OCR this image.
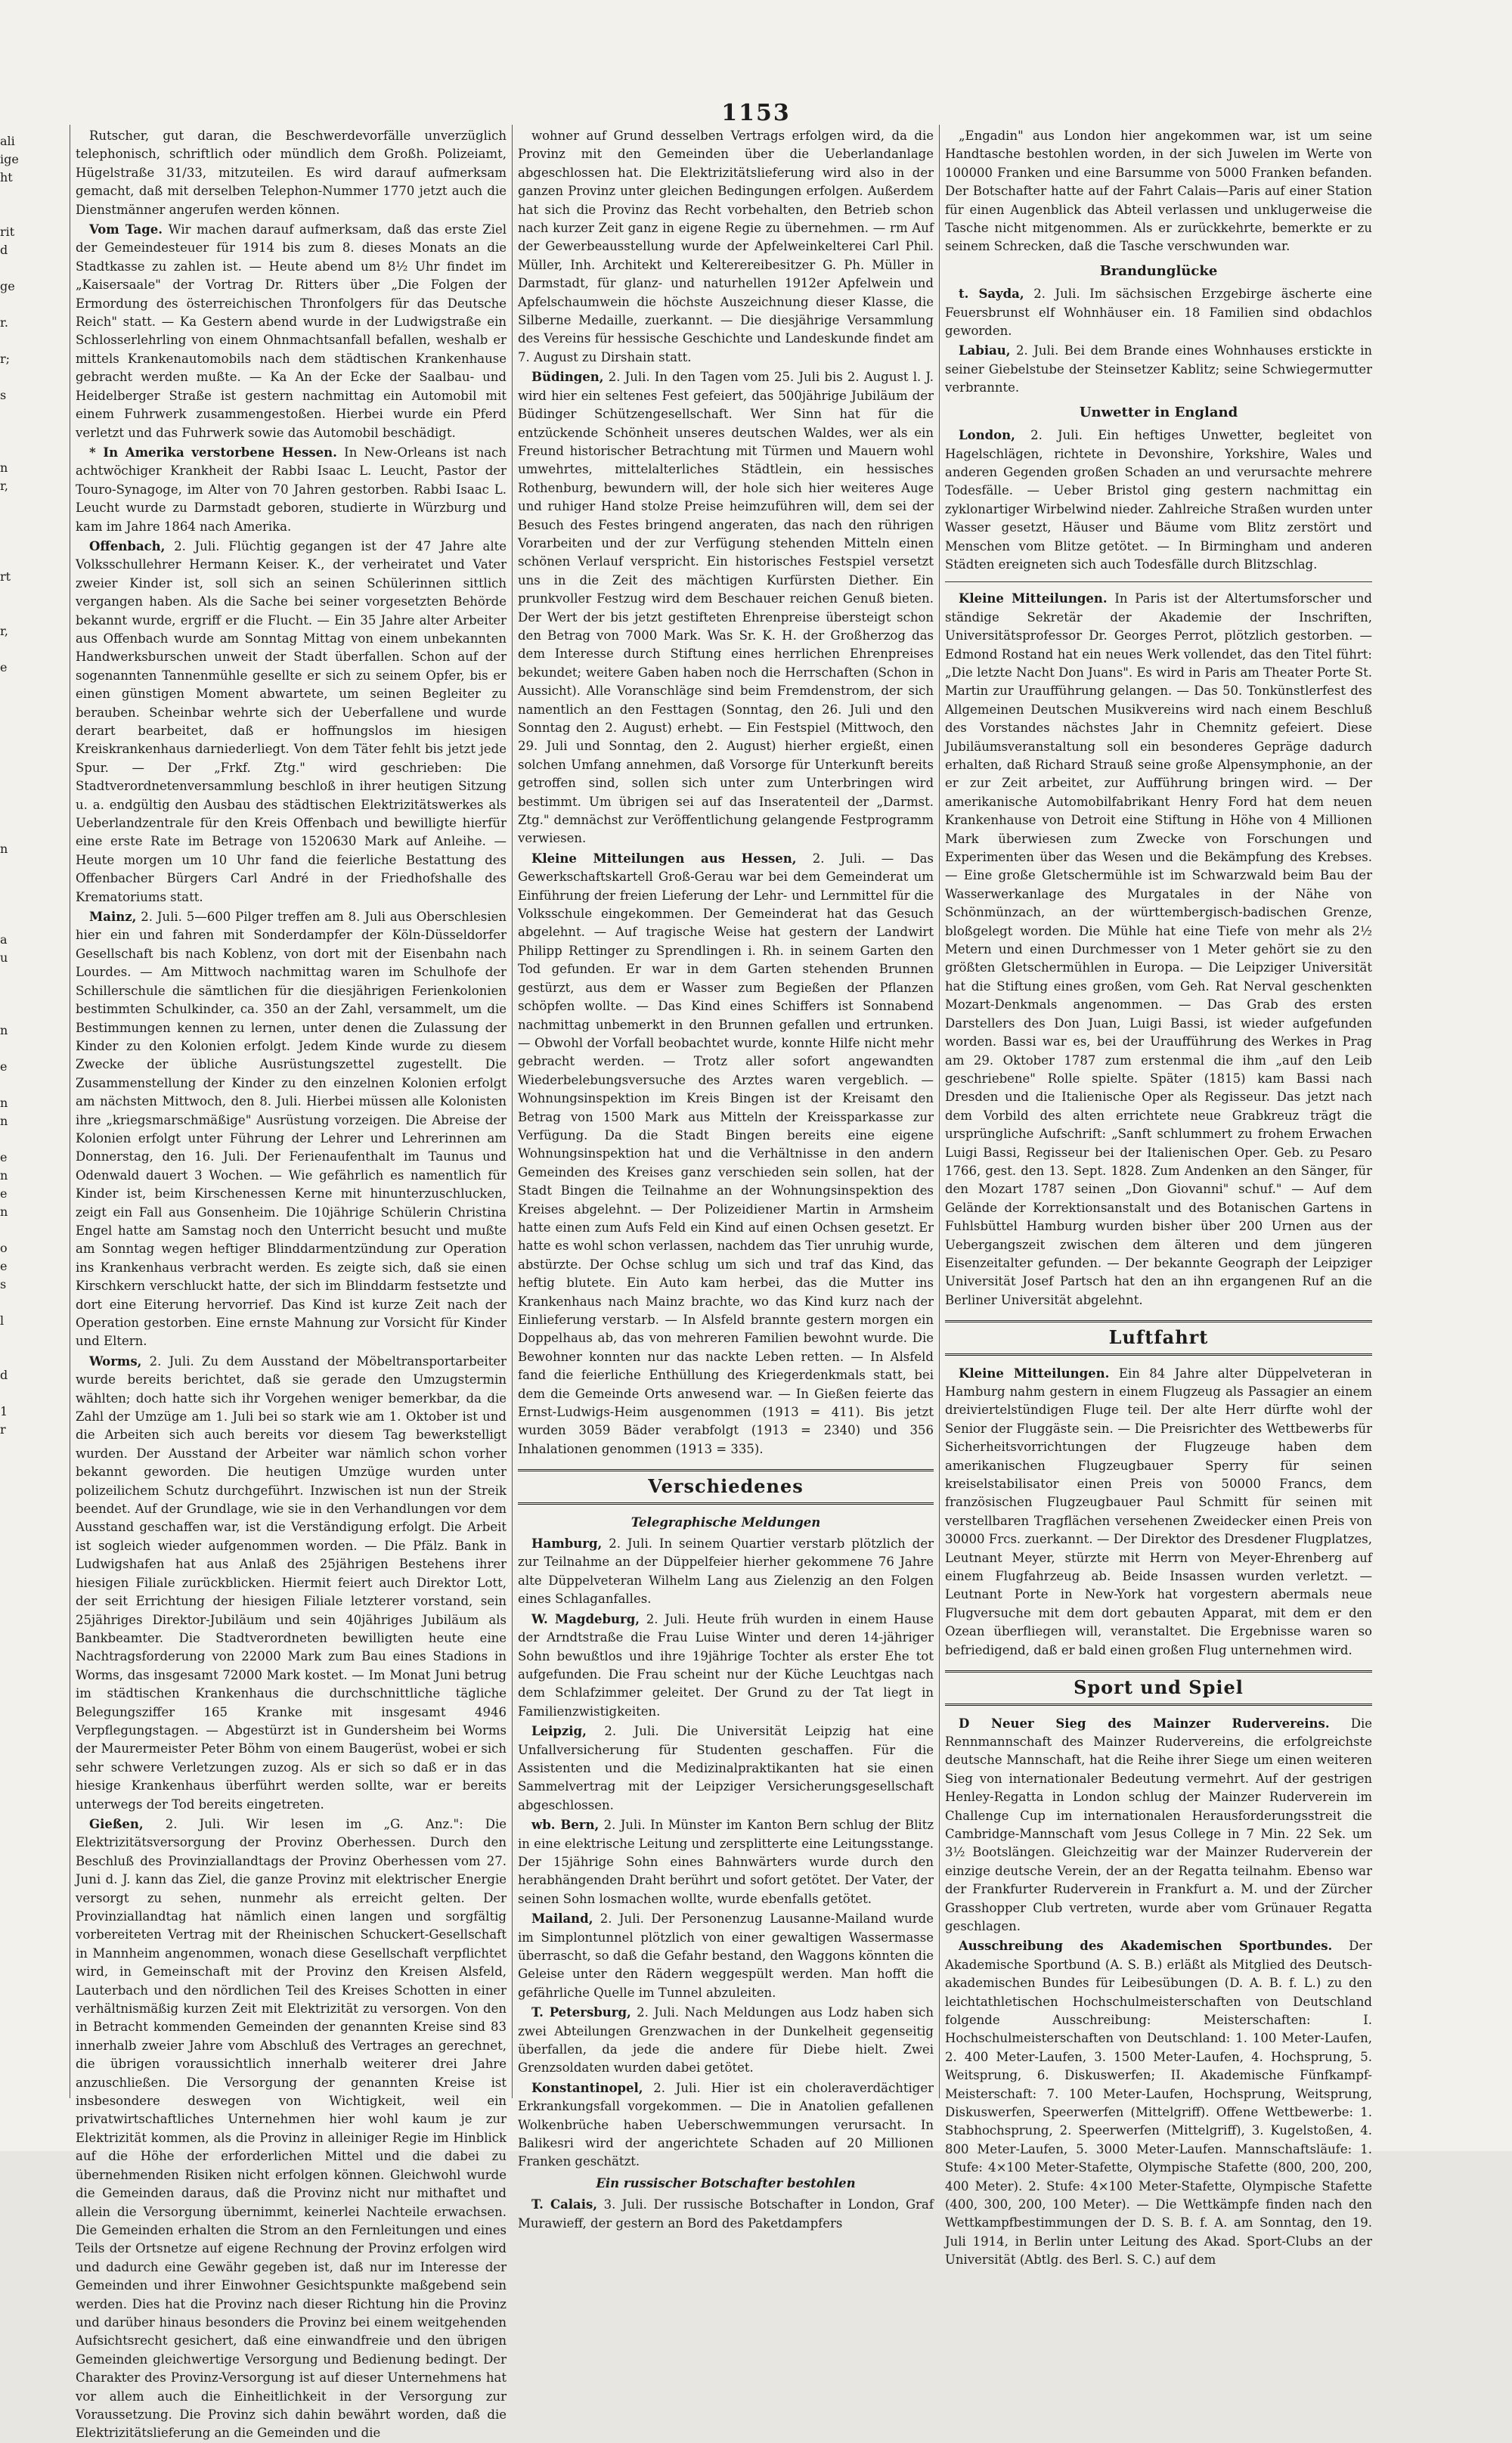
1153
ali
ige
ht

rit
d

ge

r.

r;

s

n
r,

rt

r,

e

n

a
u

n

e

n
n

e
n
e
n

o
e
s

l

d

1
r

Rutscher, gut daran, die Beschwerdevorfälle unverzüglich telephonisch, schriftlich oder mündlich dem Großh. Polizeiamt, Hügelstraße 31/33, mitzuteilen. Es wird darauf aufmerksam gemacht, daß mit derselben Telephon-Nummer 1770 jetzt auch die Dienstmänner angerufen werden können.

Vom Tage. Wir machen darauf aufmerksam, daß das erste Ziel der Gemeindesteuer für 1914 bis zum 8. dieses Monats an die Stadtkasse zu zahlen ist. — Heute abend um 8½ Uhr findet im „Kaisersaale" der Vortrag Dr. Ritters über „Die Folgen der Ermordung des österreichischen Thronfolgers für das Deutsche Reich" statt. — Ka Gestern abend wurde in der Ludwigstraße ein Schlosserlehrling von einem Ohnmachtsanfall befallen, weshalb er mittels Krankenautomobils nach dem städtischen Krankenhause gebracht werden mußte. — Ka An der Ecke der Saalbau- und Heidelberger Straße ist gestern nachmittag ein Automobil mit einem Fuhrwerk zusammengestoßen. Hierbei wurde ein Pferd verletzt und das Fuhrwerk sowie das Automobil beschädigt.

* In Amerika verstorbene Hessen. In New-Orleans ist nach achtwöchiger Krankheit der Rabbi Isaac L. Leucht, Pastor der Touro-Synagoge, im Alter von 70 Jahren gestorben. Rabbi Isaac L. Leucht wurde zu Darmstadt geboren, studierte in Würzburg und kam im Jahre 1864 nach Amerika.

Offenbach, 2. Juli. Flüchtig gegangen ist der 47 Jahre alte Volksschullehrer Hermann Keiser. K., der verheiratet und Vater zweier Kinder ist, soll sich an seinen Schülerinnen sittlich vergangen haben. Als die Sache bei seiner vorgesetzten Behörde bekannt wurde, ergriff er die Flucht. — Ein 35 Jahre alter Arbeiter aus Offenbach wurde am Sonntag Mittag von einem unbekannten Handwerksburschen unweit der Stadt überfallen. Schon auf der sogenannten Tannenmühle gesellte er sich zu seinem Opfer, bis er einen günstigen Moment abwartete, um seinen Begleiter zu berauben. Scheinbar wehrte sich der Ueberfallene und wurde derart bearbeitet, daß er hoffnungslos im hiesigen Kreiskrankenhaus darniederliegt. Von dem Täter fehlt bis jetzt jede Spur. — Der „Frkf. Ztg." wird geschrieben: Die Stadtverordnetenversammlung beschloß in ihrer heutigen Sitzung u. a. endgültig den Ausbau des städtischen Elektrizitätswerkes als Ueberlandzentrale für den Kreis Offenbach und bewilligte hierfür eine erste Rate im Betrage von 1520630 Mark auf Anleihe. — Heute morgen um 10 Uhr fand die feierliche Bestattung des Offenbacher Bürgers Carl André in der Friedhofshalle des Krematoriums statt.

Mainz, 2. Juli. 5—600 Pilger treffen am 8. Juli aus Oberschlesien hier ein und fahren mit Sonderdampfer der Köln-Düsseldorfer Gesellschaft bis nach Koblenz, von dort mit der Eisenbahn nach Lourdes. — Am Mittwoch nachmittag waren im Schulhofe der Schillerschule die sämtlichen für die diesjährigen Ferienkolonien bestimmten Schulkinder, ca. 350 an der Zahl, versammelt, um die Bestimmungen kennen zu lernen, unter denen die Zulassung der Kinder zu den Kolonien erfolgt. Jedem Kinde wurde zu diesem Zwecke der übliche Ausrüstungszettel zugestellt. Die Zusammenstellung der Kinder zu den einzelnen Kolonien erfolgt am nächsten Mittwoch, den 8. Juli. Hierbei müssen alle Kolonisten ihre „kriegsmarschmäßige" Ausrüstung vorzeigen. Die Abreise der Kolonien erfolgt unter Führung der Lehrer und Lehrerinnen am Donnerstag, den 16. Juli. Der Ferienaufenthalt im Taunus und Odenwald dauert 3 Wochen. — Wie gefährlich es namentlich für Kinder ist, beim Kirschenessen Kerne mit hinunterzuschlucken, zeigt ein Fall aus Gonsenheim. Die 10jährige Schülerin Christina Engel hatte am Samstag noch den Unterricht besucht und mußte am Sonntag wegen heftiger Blinddarmentzündung zur Operation ins Krankenhaus verbracht werden. Es zeigte sich, daß sie einen Kirschkern verschluckt hatte, der sich im Blinddarm festsetzte und dort eine Eiterung hervorrief. Das Kind ist kurze Zeit nach der Operation gestorben. Eine ernste Mahnung zur Vorsicht für Kinder und Eltern.

Worms, 2. Juli. Zu dem Ausstand der Möbeltransportarbeiter wurde bereits berichtet, daß sie gerade den Umzugstermin wählten; doch hatte sich ihr Vorgehen weniger bemerkbar, da die Zahl der Umzüge am 1. Juli bei so stark wie am 1. Oktober ist und die Arbeiten sich auch bereits vor diesem Tag bewerkstelligt wurden. Der Ausstand der Arbeiter war nämlich schon vorher bekannt geworden. Die heutigen Umzüge wurden unter polizeilichem Schutz durchgeführt. Inzwischen ist nun der Streik beendet. Auf der Grundlage, wie sie in den Verhandlungen vor dem Ausstand geschaffen war, ist die Verständigung erfolgt. Die Arbeit ist sogleich wieder aufgenommen worden. — Die Pfälz. Bank in Ludwigshafen hat aus Anlaß des 25jährigen Bestehens ihrer hiesigen Filiale zurückblicken. Hiermit feiert auch Direktor Lott, der seit Errichtung der hiesigen Filiale letzterer vorstand, sein 25jähriges Direktor-Jubiläum und sein 40jähriges Jubiläum als Bankbeamter. Die Stadtverordneten bewilligten heute eine Nachtragsforderung von 22000 Mark zum Bau eines Stadions in Worms, das insgesamt 72000 Mark kostet. — Im Monat Juni betrug im städtischen Krankenhaus die durchschnittliche tägliche Belegungsziffer 165 Kranke mit insgesamt 4946 Verpflegungstagen. — Abgestürzt ist in Gundersheim bei Worms der Maurermeister Peter Böhm von einem Baugerüst, wobei er sich sehr schwere Verletzungen zuzog. Als er sich so daß er in das hiesige Krankenhaus überführt werden sollte, war er bereits unterwegs der Tod bereits eingetreten.

Gießen, 2. Juli. Wir lesen im „G. Anz.": Die Elektrizitätsversorgung der Provinz Oberhessen. Durch den Beschluß des Provinziallandtags der Provinz Oberhessen vom 27. Juni d. J. kann das Ziel, die ganze Provinz mit elektrischer Energie versorgt zu sehen, nunmehr als erreicht gelten. Der Provinziallandtag hat nämlich einen langen und sorgfältig vorbereiteten Vertrag mit der Rheinischen Schuckert-Gesellschaft in Mannheim angenommen, wonach diese Gesellschaft verpflichtet wird, in Gemeinschaft mit der Provinz den Kreisen Alsfeld, Lauterbach und den nördlichen Teil des Kreises Schotten in einer verhältnismäßig kurzen Zeit mit Elektrizität zu versorgen. Von den in Betracht kommenden Gemeinden der genannten Kreise sind 83 innerhalb zweier Jahre vom Abschluß des Vertrages an gerechnet, die übrigen voraussichtlich innerhalb weiterer drei Jahre anzuschließen. Die Versorgung der genannten Kreise ist insbesondere deswegen von Wichtigkeit, weil ein privatwirtschaftliches Unternehmen hier wohl kaum je zur Elektrizität kommen, als die Provinz in alleiniger Regie im Hinblick auf die Höhe der erforderlichen Mittel und die dabei zu übernehmenden Risiken nicht erfolgen können. Gleichwohl wurde die Gemeinden daraus, daß die Provinz nicht nur mithaftet und allein die Versorgung übernimmt, keinerlei Nachteile erwachsen. Die Gemeinden erhalten die Strom an den Fernleitungen und eines Teils der Ortsnetze auf eigene Rechnung der Provinz erfolgen wird und dadurch eine Gewähr gegeben ist, daß nur im Interesse der Gemeinden und ihrer Einwohner Gesichtspunkte maßgebend sein werden. Dies hat die Provinz nach dieser Richtung hin die Provinz und darüber hinaus besonders die Provinz bei einem weitgehenden Aufsichtsrecht gesichert, daß eine einwandfreie und den übrigen Gemeinden gleichwertige Versorgung und Bedienung bedingt. Der Charakter des Provinz-Versorgung ist auf dieser Unternehmens hat vor allem auch die Einheitlichkeit in der Versorgung zur Voraussetzung. Die Provinz sich dahin bewährt worden, daß die Elektrizitätslieferung an die Gemeinden und die

wohner auf Grund desselben Vertrags erfolgen wird, da die Provinz mit den Gemeinden über die Ueberlandanlage abgeschlossen hat. Die Elektrizitätslieferung wird also in der ganzen Provinz unter gleichen Bedingungen erfolgen. Außerdem hat sich die Provinz das Recht vorbehalten, den Betrieb schon nach kurzer Zeit ganz in eigene Regie zu übernehmen. — rm Auf der Gewerbeausstellung wurde der Apfelweinkelterei Carl Phil. Müller, Inh. Architekt und Kelterereibesitzer G. Ph. Müller in Darmstadt, für glanz- und naturhellen 1912er Apfelwein und Apfelschaumwein die höchste Auszeichnung dieser Klasse, die Silberne Medaille, zuerkannt. — Die diesjährige Versammlung des Vereins für hessische Geschichte und Landeskunde findet am 7. August zu Dirshain statt.

Büdingen, 2. Juli. In den Tagen vom 25. Juli bis 2. August l. J. wird hier ein seltenes Fest gefeiert, das 500jährige Jubiläum der Büdinger Schützengesellschaft. Wer Sinn hat für die entzückende Schönheit unseres deutschen Waldes, wer als ein Freund historischer Betrachtung mit Türmen und Mauern wohl umwehrtes, mittelalterliches Städtlein, ein hessisches Rothenburg, bewundern will, der hole sich hier weiteres Auge und ruhiger Hand stolze Preise heimzuführen will, dem sei der Besuch des Festes bringend angeraten, das nach den rührigen Vorarbeiten und der zur Verfügung stehenden Mitteln einen schönen Verlauf verspricht. Ein historisches Festspiel versetzt uns in die Zeit des mächtigen Kurfürsten Diether. Ein prunkvoller Festzug wird dem Beschauer reichen Genuß bieten. Der Wert der bis jetzt gestifteten Ehrenpreise übersteigt schon den Betrag von 7000 Mark. Was Sr. K. H. der Großherzog das dem Interesse durch Stiftung eines herrlichen Ehrenpreises bekundet; weitere Gaben haben noch die Herrschaften (Schon in Aussicht). Alle Voranschläge sind beim Fremdenstrom, der sich namentlich an den Festtagen (Sonntag, den 26. Juli und den Sonntag den 2. August) erhebt. — Ein Festspiel (Mittwoch, den 29. Juli und Sonntag, den 2. August) hierher ergießt, einen solchen Umfang annehmen, daß Vorsorge für Unterkunft bereits getroffen sind, sollen sich unter zum Unterbringen wird bestimmt. Um übrigen sei auf das Inseratenteil der „Darmst. Ztg." demnächst zur Veröffentlichung gelangende Festprogramm verwiesen.

Kleine Mitteilungen aus Hessen, 2. Juli. — Das Gewerkschaftskartell Groß-Gerau war bei dem Gemeinderat um Einführung der freien Lieferung der Lehr- und Lernmittel für die Volksschule eingekommen. Der Gemeinderat hat das Gesuch abgelehnt. — Auf tragische Weise hat gestern der Landwirt Philipp Rettinger zu Sprendlingen i. Rh. in seinem Garten den Tod gefunden. Er war in dem Garten stehenden Brunnen gestürzt, aus dem er Wasser zum Begießen der Pflanzen schöpfen wollte. — Das Kind eines Schiffers ist Sonnabend nachmittag unbemerkt in den Brunnen gefallen und ertrunken. — Obwohl der Vorfall beobachtet wurde, konnte Hilfe nicht mehr gebracht werden. — Trotz aller sofort angewandten Wiederbelebungsversuche des Arztes waren vergeblich. — Wohnungsinspektion im Kreis Bingen ist der Kreisamt den Betrag von 1500 Mark aus Mitteln der Kreissparkasse zur Verfügung. Da die Stadt Bingen bereits eine eigene Wohnungsinspektion hat und die Verhältnisse in den andern Gemeinden des Kreises ganz verschieden sein sollen, hat der Stadt Bingen die Teilnahme an der Wohnungsinspektion des Kreises abgelehnt. — Der Polizeidiener Martin in Armsheim hatte einen zum Aufs Feld ein Kind auf einen Ochsen gesetzt. Er hatte es wohl schon verlassen, nachdem das Tier unruhig wurde, abstürzte. Der Ochse schlug um sich und traf das Kind, das heftig blutete. Ein Auto kam herbei, das die Mutter ins Krankenhaus nach Mainz brachte, wo das Kind kurz nach der Einlieferung verstarb. — In Alsfeld brannte gestern morgen ein Doppelhaus ab, das von mehreren Familien bewohnt wurde. Die Bewohner konnten nur das nackte Leben retten. — In Alsfeld fand die feierliche Enthüllung des Kriegerdenkmals statt, bei dem die Gemeinde Orts anwesend war. — In Gießen feierte das Ernst-Ludwigs-Heim ausgenommen (1913 = 411). Bis jetzt wurden 3059 Bäder verabfolgt (1913 = 2340) und 356 Inhalationen genommen (1913 = 335).

Verschiedenes
Telegraphische Meldungen

Hamburg, 2. Juli. In seinem Quartier verstarb plötzlich der zur Teilnahme an der Düppelfeier hierher gekommene 76 Jahre alte Düppelveteran Wilhelm Lang aus Zielenzig an den Folgen eines Schlaganfalles.

W. Magdeburg, 2. Juli. Heute früh wurden in einem Hause der Arndtstraße die Frau Luise Winter und deren 14-jähriger Sohn bewußtlos und ihre 19jährige Tochter als erster Ehe tot aufgefunden. Die Frau scheint nur der Küche Leuchtgas nach dem Schlafzimmer geleitet. Der Grund zu der Tat liegt in Familienzwistigkeiten.

Leipzig, 2. Juli. Die Universität Leipzig hat eine Unfallversicherung für Studenten geschaffen. Für die Assistenten und die Medizinalpraktikanten hat sie einen Sammelvertrag mit der Leipziger Versicherungsgesellschaft abgeschlossen.

wb. Bern, 2. Juli. In Münster im Kanton Bern schlug der Blitz in eine elektrische Leitung und zersplitterte eine Leitungsstange. Der 15jährige Sohn eines Bahnwärters wurde durch den herabhängenden Draht berührt und sofort getötet. Der Vater, der seinen Sohn losmachen wollte, wurde ebenfalls getötet.

Mailand, 2. Juli. Der Personenzug Lausanne-Mailand wurde im Simplontunnel plötzlich von einer gewaltigen Wassermasse überrascht, so daß die Gefahr bestand, den Waggons könnten die Geleise unter den Rädern weggespült werden. Man hofft die gefährliche Quelle im Tunnel abzuleiten.

T. Petersburg, 2. Juli. Nach Meldungen aus Lodz haben sich zwei Abteilungen Grenzwachen in der Dunkelheit gegenseitig überfallen, da jede die andere für Diebe hielt. Zwei Grenzsoldaten wurden dabei getötet.

Konstantinopel, 2. Juli. Hier ist ein choleraverdächtiger Erkrankungsfall vorgekommen. — Die in Anatolien gefallenen Wolkenbrüche haben Ueberschwemmungen verursacht. In Balikesri wird der angerichtete Schaden auf 20 Millionen Franken geschätzt.

Ein russischer Botschafter bestohlen

T. Calais, 3. Juli. Der russische Botschafter in London, Graf Murawieff, der gestern an Bord des Paketdampfers

„Engadin" aus London hier angekommen war, ist um seine Handtasche bestohlen worden, in der sich Juwelen im Werte von 100000 Franken und eine Barsumme von 5000 Franken befanden. Der Botschafter hatte auf der Fahrt Calais—Paris auf einer Station für einen Augenblick das Abteil verlassen und unklugerweise die Tasche nicht mitgenommen. Als er zurückkehrte, bemerkte er zu seinem Schrecken, daß die Tasche verschwunden war.

Brandunglücke

t. Sayda, 2. Juli. Im sächsischen Erzgebirge äscherte eine Feuersbrunst elf Wohnhäuser ein. 18 Familien sind obdachlos geworden.

Labiau, 2. Juli. Bei dem Brande eines Wohnhauses erstickte in seiner Giebelstube der Steinsetzer Kablitz; seine Schwiegermutter verbrannte.

Unwetter in England

London, 2. Juli. Ein heftiges Unwetter, begleitet von Hagelschlägen, richtete in Devonshire, Yorkshire, Wales und anderen Gegenden großen Schaden an und verursachte mehrere Todesfälle. — Ueber Bristol ging gestern nachmittag ein zyklonartiger Wirbelwind nieder. Zahlreiche Straßen wurden unter Wasser gesetzt, Häuser und Bäume vom Blitz zerstört und Menschen vom Blitze getötet. — In Birmingham und anderen Städten ereigneten sich auch Todesfälle durch Blitzschlag.

Kleine Mitteilungen. In Paris ist der Altertumsforscher und ständige Sekretär der Akademie der Inschriften, Universitätsprofessor Dr. Georges Perrot, plötzlich gestorben. — Edmond Rostand hat ein neues Werk vollendet, das den Titel führt: „Die letzte Nacht Don Juans". Es wird in Paris am Theater Porte St. Martin zur Uraufführung gelangen. — Das 50. Tonkünstlerfest des Allgemeinen Deutschen Musikvereins wird nach einem Beschluß des Vorstandes nächstes Jahr in Chemnitz gefeiert. Diese Jubiläumsveranstaltung soll ein besonderes Gepräge dadurch erhalten, daß Richard Strauß seine große Alpensymphonie, an der er zur Zeit arbeitet, zur Aufführung bringen wird. — Der amerikanische Automobilfabrikant Henry Ford hat dem neuen Krankenhause von Detroit eine Stiftung in Höhe von 4 Millionen Mark überwiesen zum Zwecke von Forschungen und Experimenten über das Wesen und die Bekämpfung des Krebses. — Eine große Gletschermühle ist im Schwarzwald beim Bau der Wasserwerkanlage des Murgatales in der Nähe von Schönmünzach, an der württembergisch-badischen Grenze, bloßgelegt worden. Die Mühle hat eine Tiefe von mehr als 2½ Metern und einen Durchmesser von 1 Meter gehört sie zu den größten Gletschermühlen in Europa. — Die Leipziger Universität hat die Stiftung eines großen, vom Geh. Rat Nerval geschenkten Mozart-Denkmals angenommen. — Das Grab des ersten Darstellers des Don Juan, Luigi Bassi, ist wieder aufgefunden worden. Bassi war es, bei der Uraufführung des Werkes in Prag am 29. Oktober 1787 zum erstenmal die ihm „auf den Leib geschriebene" Rolle spielte. Später (1815) kam Bassi nach Dresden und die Italienische Oper als Regisseur. Das jetzt nach dem Vorbild des alten errichtete neue Grabkreuz trägt die ursprüngliche Aufschrift: „Sanft schlummert zu frohem Erwachen Luigi Bassi, Regisseur bei der Italienischen Oper. Geb. zu Pesaro 1766, gest. den 13. Sept. 1828. Zum Andenken an den Sänger, für den Mozart 1787 seinen „Don Giovanni" schuf." — Auf dem Gelände der Korrektionsanstalt und des Botanischen Gartens in Fuhlsbüttel Hamburg wurden bisher über 200 Urnen aus der Uebergangszeit zwischen dem älteren und dem jüngeren Eisenzeitalter gefunden. — Der bekannte Geograph der Leipziger Universität Josef Partsch hat den an ihn ergangenen Ruf an die Berliner Universität abgelehnt.

Luftfahrt

Kleine Mitteilungen. Ein 84 Jahre alter Düppelveteran in Hamburg nahm gestern in einem Flugzeug als Passagier an einem dreiviertelstündigen Fluge teil. Der alte Herr dürfte wohl der Senior der Fluggäste sein. — Die Preisrichter des Wettbewerbs für Sicherheitsvorrichtungen der Flugzeuge haben dem amerikanischen Flugzeugbauer Sperry für seinen kreiselstabilisator einen Preis von 50000 Francs, dem französischen Flugzeugbauer Paul Schmitt für seinen mit verstellbaren Tragflächen versehenen Zweidecker einen Preis von 30000 Frcs. zuerkannt. — Der Direktor des Dresdener Flugplatzes, Leutnant Meyer, stürzte mit Herrn von Meyer-Ehrenberg auf einem Flugfahrzeug ab. Beide Insassen wurden verletzt. — Leutnant Porte in New-York hat vorgestern abermals neue Flugversuche mit dem dort gebauten Apparat, mit dem er den Ozean überfliegen will, veranstaltet. Die Ergebnisse waren so befriedigend, daß er bald einen großen Flug unternehmen wird.

Sport und Spiel

D Neuer Sieg des Mainzer Rudervereins. Die Rennmannschaft des Mainzer Rudervereins, die erfolgreichste deutsche Mannschaft, hat die Reihe ihrer Siege um einen weiteren Sieg von internationaler Bedeutung vermehrt. Auf der gestrigen Henley-Regatta in London schlug der Mainzer Ruderverein im Challenge Cup im internationalen Herausforderungsstreit die Cambridge-Mannschaft vom Jesus College in 7 Min. 22 Sek. um 3½ Bootslängen. Gleichzeitig war der Mainzer Ruderverein der einzige deutsche Verein, der an der Regatta teilnahm. Ebenso war der Frankfurter Ruderverein in Frankfurt a. M. und der Zürcher Grasshopper Club vertreten, wurde aber vom Grünauer Regatta geschlagen.

Ausschreibung des Akademischen Sportbundes. Der Akademische Sportbund (A. S. B.) erläßt als Mitglied des Deutsch-akademischen Bundes für Leibesübungen (D. A. B. f. L.) zu den leichtathletischen Hochschulmeisterschaften von Deutschland folgende Ausschreibung: Meisterschaften: I. Hochschulmeisterschaften von Deutschland: 1. 100 Meter-Laufen, 2. 400 Meter-Laufen, 3. 1500 Meter-Laufen, 4. Hochsprung, 5. Weitsprung, 6. Diskuswerfen; II. Akademische Fünfkampf-Meisterschaft: 7. 100 Meter-Laufen, Hochsprung, Weitsprung, Diskuswerfen, Speerwerfen (Mittelgriff). Offene Wettbewerbe: 1. Stabhochsprung, 2. Speerwerfen (Mittelgriff), 3. Kugelstoßen, 4. 800 Meter-Laufen, 5. 3000 Meter-Laufen. Mannschaftsläufe: 1. Stufe: 4×100 Meter-Stafette, Olympische Stafette (800, 200, 200, 400 Meter). 2. Stufe: 4×100 Meter-Stafette, Olympische Stafette (400, 300, 200, 100 Meter). — Die Wettkämpfe finden nach den Wettkampfbestimmungen der D. S. B. f. A. am Sonntag, den 19. Juli 1914, in Berlin unter Leitung des Akad. Sport-Clubs an der Universität (Abtlg. des Berl. S. C.) auf dem
